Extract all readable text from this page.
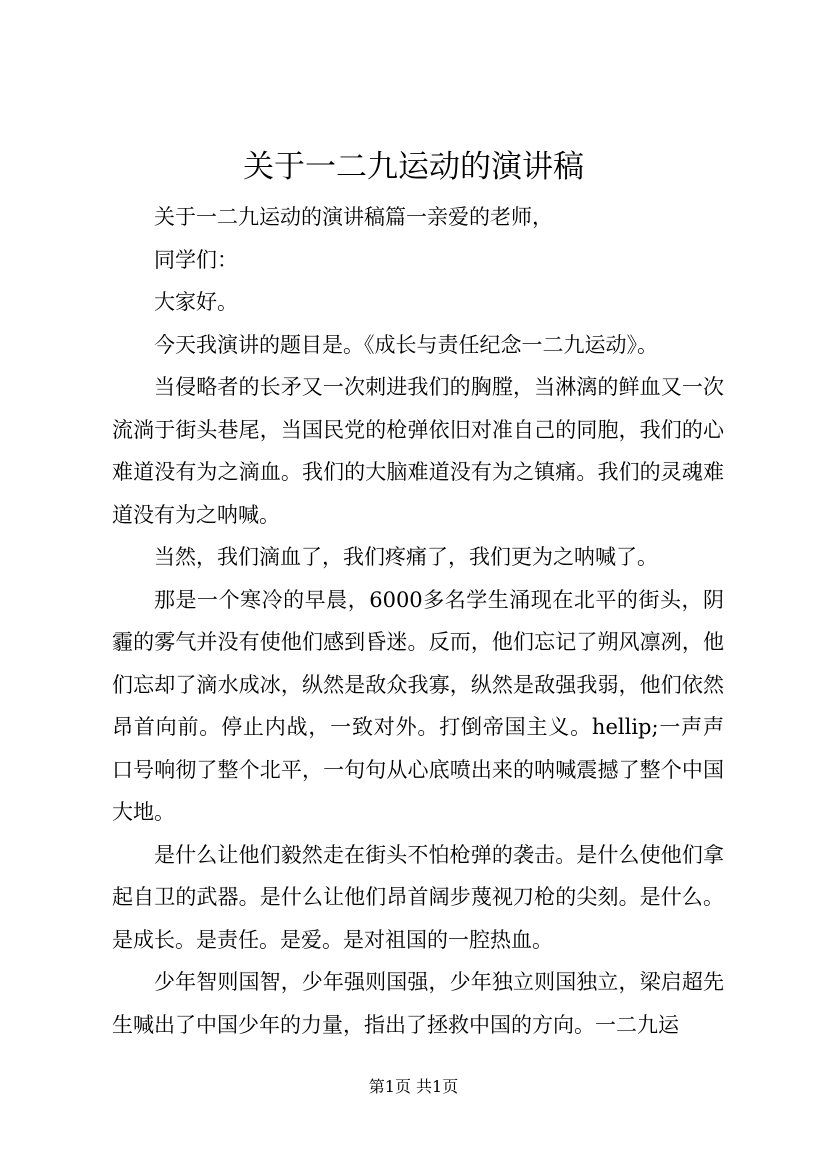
关于一二九运动的演讲稿

关于一二九运动的演讲稿篇一亲爱的老师，

同学们：

大家好。

今天我演讲的题目是。《成长与责任纪念一二九运动》。

当侵略者的长矛又一次刺进我们的胸膛，当淋漓的鲜血又一次流淌于街头巷尾，当国民党的枪弹依旧对准自己的同胞，我们的心难道没有为之滴血。我们的大脑难道没有为之镇痛。我们的灵魂难道没有为之呐喊。

当然，我们滴血了，我们疼痛了，我们更为之呐喊了。

那是一个寒冷的早晨，6000多名学生涌现在北平的街头，阴霾的雾气并没有使他们感到昏迷。反而，他们忘记了朔风凛冽，他们忘却了滴水成冰，纵然是敌众我寡，纵然是敌强我弱，他们依然昂首向前。停止内战，一致对外。打倒帝国主义。hellip;一声声口号响彻了整个北平，一句句从心底喷出来的呐喊震撼了整个中国大地。

是什么让他们毅然走在街头不怕枪弹的袭击。是什么使他们拿起自卫的武器。是什么让他们昂首阔步蔑视刀枪的尖刻。是什么。是成长。是责任。是爱。是对祖国的一腔热血。

少年智则国智，少年强则国强，少年独立则国独立，梁启超先生喊出了中国少年的力量，指出了拯救中国的方向。一二九运

第1页 共1页
